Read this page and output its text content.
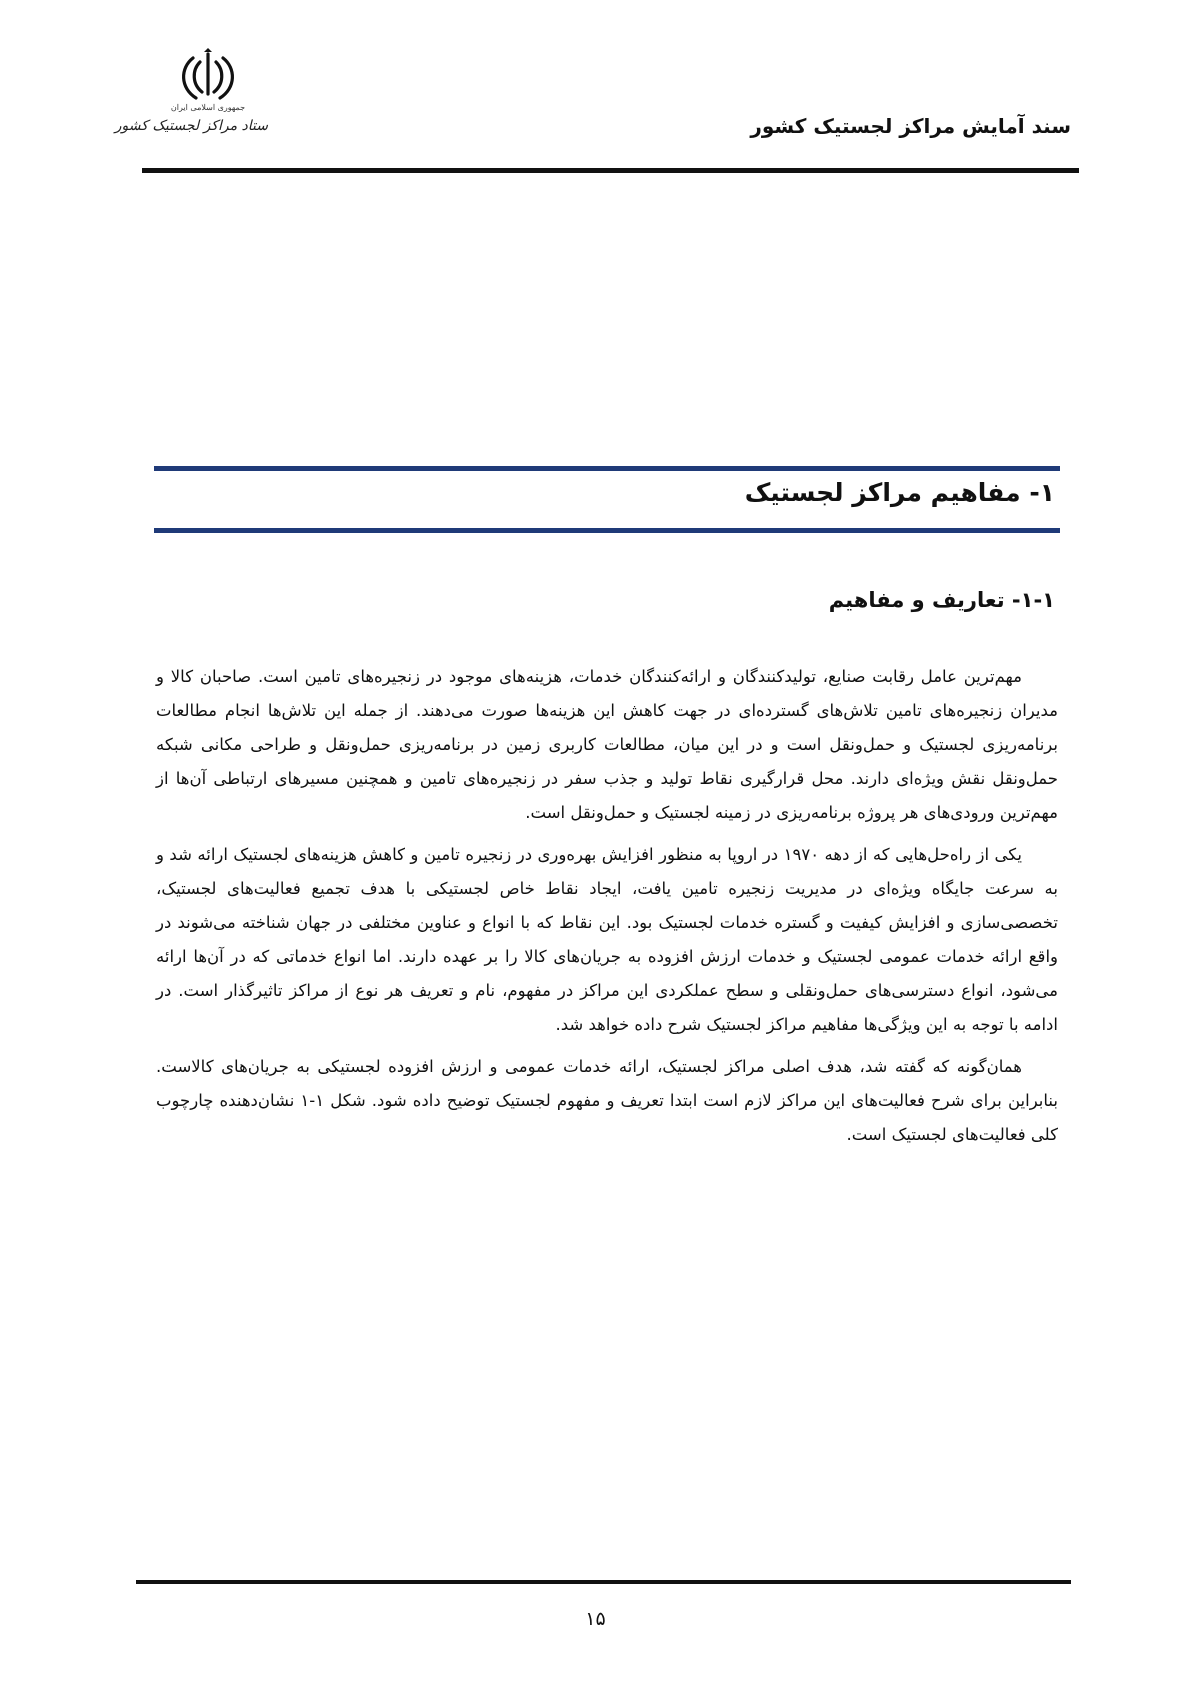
جمهوری اسلامی ایران
ستاد مراکز لجستیک کشور	سند آمایش مراکز لجستیک کشور
۱- مفاهیم مراکز لجستیک
۱-۱- تعاریف و مفاهیم

مهم‌ترین عامل رقابت صنایع، تولیدکنندگان و ارائه‌کنندگان خدمات، هزینه‌های موجود در زنجیره‌های تامین است. صاحبان کالا و مدیران زنجیره‌های تامین تلاش‌های گسترده‌ای در جهت کاهش این هزینه‌ها صورت می‌دهند. از جمله این تلاش‌ها انجام مطالعات برنامه‌ریزی لجستیک و حمل‌ونقل است و در این میان، مطالعات کاربری زمین در برنامه‌ریزی حمل‌ونقل و طراحی مکانی شبکه حمل‌ونقل نقش ویژه‌ای دارند. محل قرارگیری نقاط تولید و جذب سفر در زنجیره‌های تامین و همچنین مسیرهای ارتباطی آن‌ها از مهم‌ترین ورودی‌های هر پروژه برنامه‌ریزی در زمینه لجستیک و حمل‌ونقل است.

یکی از راه‌حل‌هایی که از دهه ۱۹۷۰ در اروپا به منظور افزایش بهره‌وری در زنجیره تامین و کاهش هزینه‌های لجستیک ارائه شد و به سرعت جایگاه ویژه‌ای در مدیریت زنجیره تامین یافت، ایجاد نقاط خاص لجستیکی با هدف تجمیع فعالیت‌های لجستیک، تخصصی‌سازی و افزایش کیفیت و گستره خدمات لجستیک بود. این نقاط که با انواع و عناوین مختلفی در جهان شناخته می‌شوند در واقع ارائه خدمات عمومی لجستیک و خدمات ارزش افزوده به جریان‌های کالا را بر عهده دارند. اما انواع خدماتی که در آن‌ها ارائه می‌شود، انواع دسترسی‌های حمل‌ونقلی و سطح عملکردی این مراکز در مفهوم، نام و تعریف هر نوع از مراکز تاثیرگذار است. در ادامه با توجه به این ویژگی‌ها مفاهیم مراکز لجستیک شرح داده خواهد شد.

همان‌گونه که گفته شد، هدف اصلی مراکز لجستیک، ارائه خدمات عمومی و ارزش افزوده لجستیکی به جریان‌های کالاست. بنابراین برای شرح فعالیت‌های این مراکز لازم است ابتدا تعریف و مفهوم لجستیک توضیح داده شود. شکل ۱-۱ نشان‌دهنده چارچوب کلی فعالیت‌های لجستیک است.

۱۵
